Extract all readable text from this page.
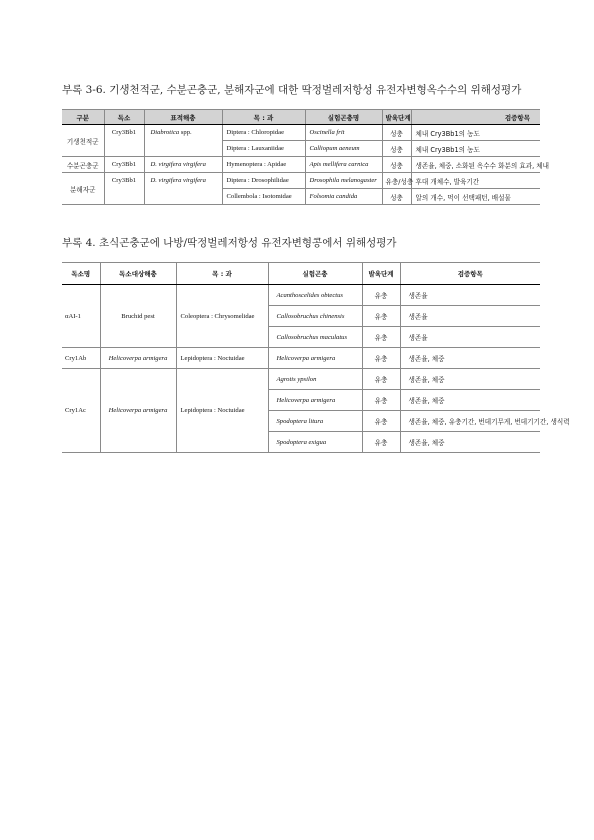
부록 3-6. 기생천적군, 수분곤충군, 분해자군에 대한 딱정벌레저항성 유전자변형옥수수의 위해성평가
구분	독소	표적해충	목 : 과	실험곤충명	발육단계	검증항목
기생천적군	Cry3Bb1	Diabrotica spp.	Diptera : Chloropidae	Oscinella frit	성충	체내 Cry3Bb1의 농도
			Diptera : Lauxaniidae	Calliopum aeneum	성충	체내 Cry3Bb1의 농도
수분곤충군	Cry3Bb1	D. virgifera virgifera	Hymenoptera : Apidae	Apis mellifera carnica	성충	생존율, 체중, 소화된 옥수수 화분의 효과, 체내
분해자군	Cry3Bb1	D. virgifera virgifera	Diptera : Drosophilidae	Drosophila melanogaster	유충/성충	후대 개체수, 발육기간
			Collembola : Isotomidae	Folsomia candida	성충	알의 개수, 먹이 선택패턴, 배설물
부록 4. 초식곤충군에 나방/딱정벌레저항성 유전자변형콩에서 위해성평가
독소명	독소대상해충	목 : 과	실험곤충	발육단계	검증항목
αAI-1	Bruchid pest	Coleoptera : Chrysomelidae	Acanthoscelides obtectus	유충	생존율
			Callosobruchus chinensis	유충	생존율
			Callosobruchus maculatus	유충	생존율
Cry1Ab	Helicoverpa armigera	Lepidoptera : Noctuidae	Helicoverpa armigera	유충	생존율, 체중
Cry1Ac	Helicoverpa armigera	Lepidoptera : Noctuidae	Agrotis ypsilon	유충	생존율, 체중
			Helicoverpa armigera	유충	생존율, 체중
			Spodoptera litura	유충	생존율, 체중, 유충기간, 번데기무게, 번데기기간, 생식력
			Spodoptera exigua	유충	생존율, 체중
